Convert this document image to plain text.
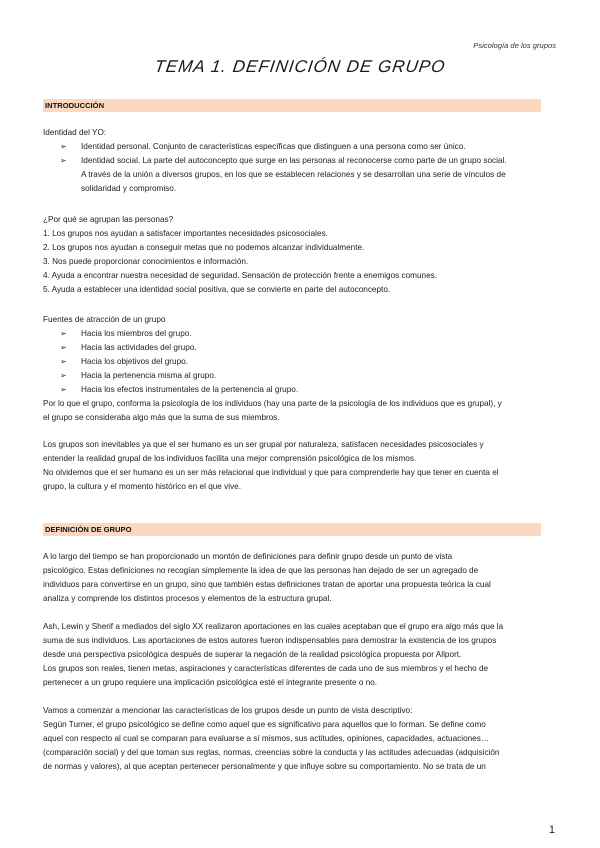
Psicología de los grupos
TEMA 1. DEFINICIÓN DE GRUPO
INTRODUCCIÓN

Identidad del YO:

➢ Identidad personal. Conjunto de características específicas que distinguen a una persona como ser único.

➢ Identidad social. La parte del autoconcepto que surge en las personas al reconocerse como parte de un grupo social.

A través de la unión a diversos grupos, en los que se establecen relaciones y se desarrollan una serie de vínculos de

solidaridad y compromiso.

¿Por qué se agrupan las personas?

1. Los grupos nos ayudan a satisfacer importantes necesidades psicosociales.

2. Los grupos nos ayudan a conseguir metas que no podemos alcanzar individualmente.

3. Nos puede proporcionar conocimientos e información.

4. Ayuda a encontrar nuestra necesidad de seguridad. Sensación de protección frente a enemigos comunes.

5. Ayuda a establecer una identidad social positiva, que se convierte en parte del autoconcepto.

Fuentes de atracción de un grupo

➢ Hacia los miembros del grupo.

➢ Hacia las actividades del grupo.

➢ Hacia los objetivos del grupo.

➢ Hacia la pertenencia misma al grupo.

➢ Hacia los efectos instrumentales de la pertenencia al grupo.

Por lo que el grupo, conforma la psicología de los individuos (hay una parte de la psicología de los individuos que es grupal), y

el grupo se consideraba algo más que la suma de sus miembros.

Los grupos son inevitables ya que el ser humano es un ser grupal por naturaleza, satisfacen necesidades psicosociales y

entender la realidad grupal de los individuos facilita una mejor comprensión psicológica de los mismos.

No olvidemos que el ser humano es un ser más relacional que individual y que para comprenderle hay que tener en cuenta el

grupo, la cultura y el momento histórico en el que vive.

DEFINICIÓN DE GRUPO

A lo largo del tiempo se han proporcionado un montón de definiciones para definir grupo desde un punto de vista

psicológico. Estas definiciones no recogían simplemente la idea de que las personas han dejado de ser un agregado de

individuos para convertirse en un grupo, sino que también estas definiciones tratan de aportar una propuesta teórica la cual

analiza y comprende los distintos procesos y elementos de la estructura grupal.

Ash, Lewin y Sherif a mediados del siglo XX realizaron aportaciones en las cuales aceptaban que el grupo era algo más que la

suma de sus individuos. Las aportaciones de estos autores fueron indispensables para demostrar la existencia de los grupos

desde una perspectiva psicológica después de superar la negación de la realidad psicológica propuesta por Allport.

Los grupos son reales, tienen metas, aspiraciones y características diferentes de cada uno de sus miembros y el hecho de

pertenecer a un grupo requiere una implicación psicológica esté el integrante presente o no.

Vamos a comenzar a mencionar las características de los grupos desde un punto de vista descriptivo:

Según Turner, el grupo psicológico se define como aquel que es significativo para aquellos que lo forman. Se define como

aquel con respecto al cual se comparan para evaluarse a sí mismos, sus actitudes, opiniones, capacidades, actuaciones…

(comparación social) y del que toman sus reglas, normas, creencias sobre la conducta y las actitudes adecuadas (adquisición

de normas y valores), al que aceptan pertenecer personalmente y que influye sobre su comportamiento. No se trata de un

1
